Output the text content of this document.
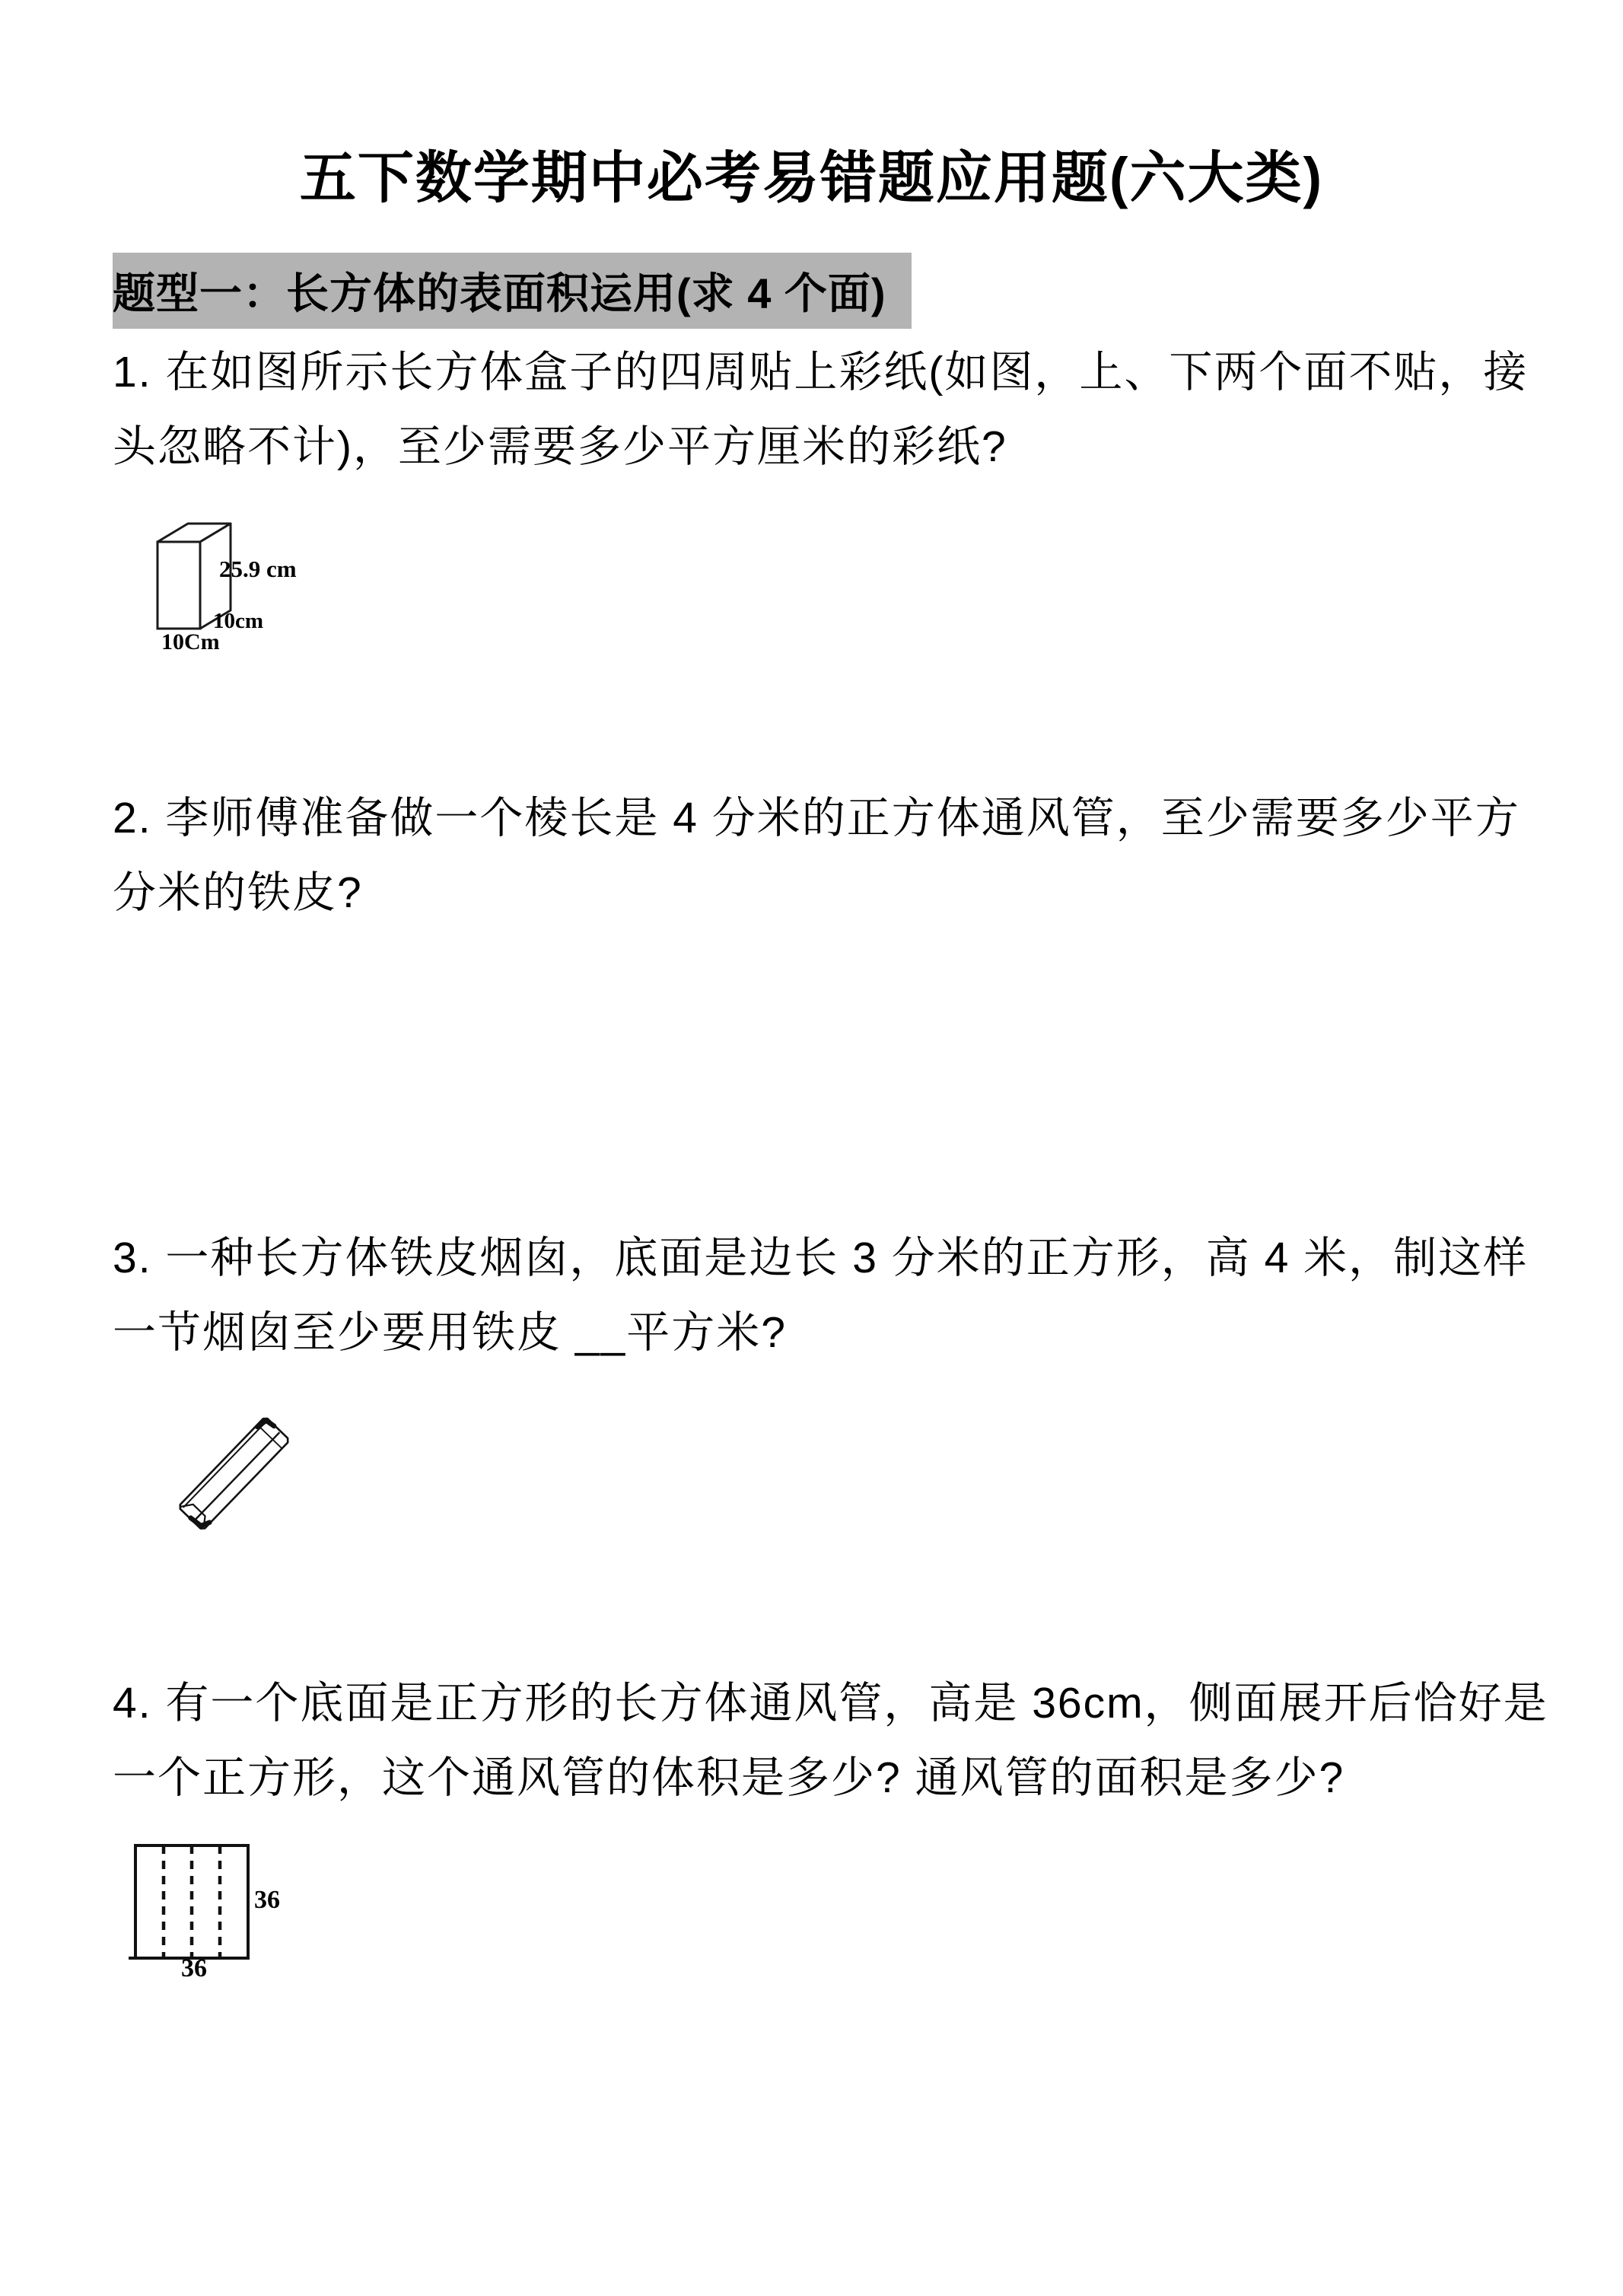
五下数学期中必考易错题应用题(六大类)
题型一：长方体的表面积运用(求 4 个面)

1. 在如图所示长方体盒子的四周贴上彩纸(如图，上、下两个面不贴，接

头忽略不计)，至少需要多少平方厘米的彩纸?

25.9 cm
10cm
10Cm

2. 李师傅准备做一个棱长是 4 分米的正方体通风管，至少需要多少平方

分米的铁皮?

3. 一种长方体铁皮烟囱，底面是边长 3 分米的正方形，高 4 米，制这样

一节烟囱至少要用铁皮 __平方米?

4. 有一个底面是正方形的长方体通风管，高是 36cm，侧面展开后恰好是

一个正方形，这个通风管的体积是多少? 通风管的面积是多少?

36
36
